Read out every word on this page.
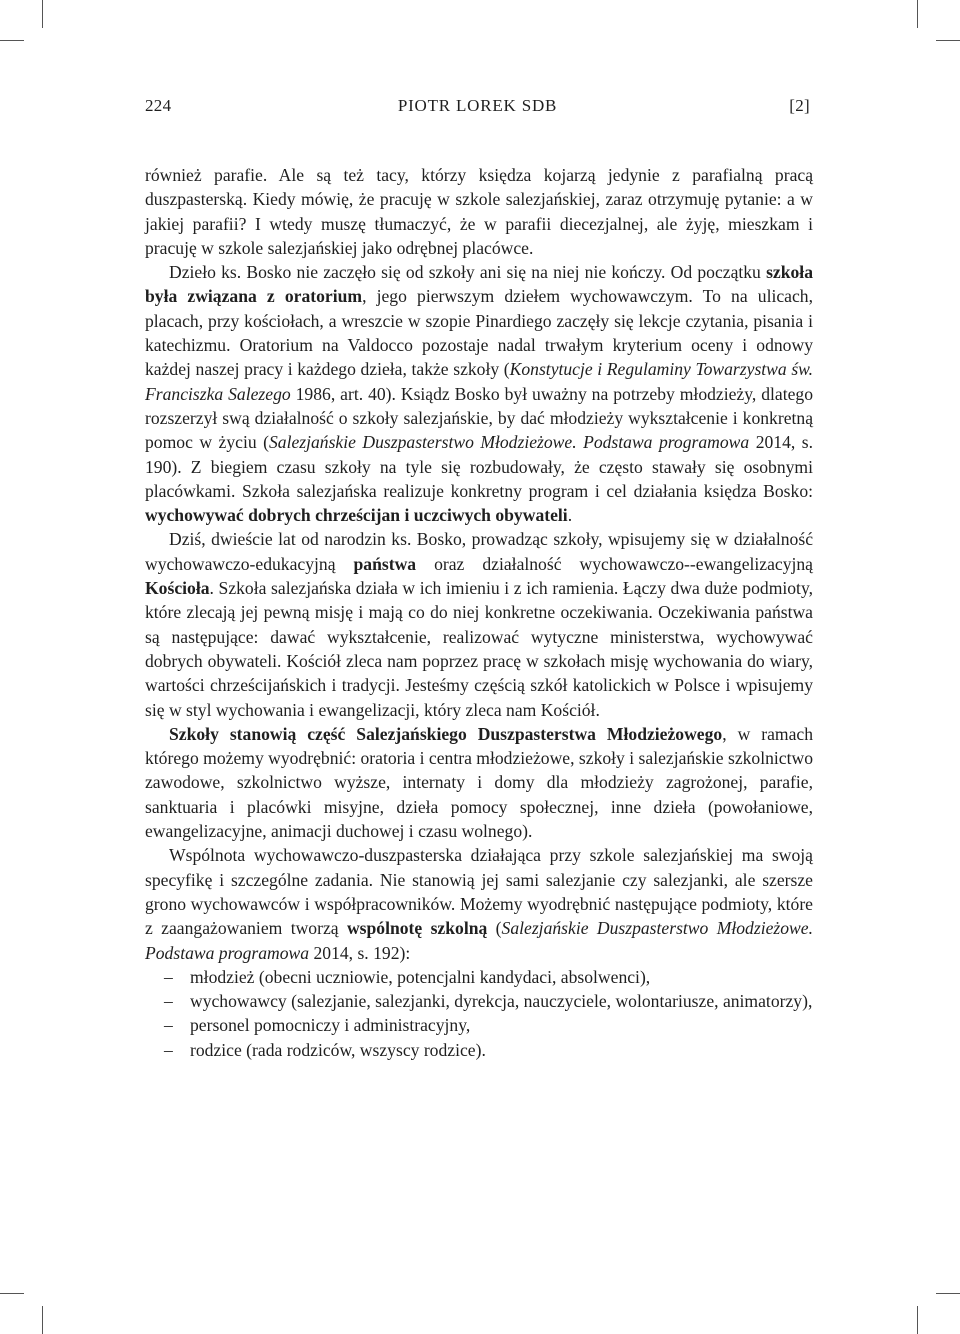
224	PIOTR LOREK SDB	[2]

również parafie. Ale są też tacy, którzy księdza kojarzą jedynie z parafialną pracą duszpasterską. Kiedy mówię, że pracuję w szkole salezjańskiej, zaraz otrzymuję pytanie: a w jakiej parafii? I wtedy muszę tłumaczyć, że w parafii diecezjalnej, ale żyję, mieszkam i pracuję w szkole salezjańskiej jako odrębnej placówce.

Dzieło ks. Bosko nie zaczęło się od szkoły ani się na niej nie kończy. Od początku szkoła była związana z oratorium, jego pierwszym dziełem wychowawczym. To na ulicach, placach, przy kościołach, a wreszcie w szopie Pinardiego zaczęły się lekcje czytania, pisania i katechizmu. Oratorium na Valdocco pozostaje nadal trwałym kryterium oceny i odnowy każdej naszej pracy i każdego dzieła, także szkoły (Konstytucje i Regulaminy Towarzystwa św. Franciszka Salezego 1986, art. 40). Ksiądz Bosko był uważny na potrzeby młodzieży, dlatego rozszerzył swą działalność o szkoły salezjańskie, by dać młodzieży wykształcenie i konkretną pomoc w życiu (Salezjańskie Duszpasterstwo Młodzieżowe. Podstawa programowa 2014, s. 190). Z biegiem czasu szkoły na tyle się rozbudowały, że często stawały się osobnymi placówkami. Szkoła salezjańska realizuje konkretny program i cel działania księdza Bosko: wychowywać dobrych chrześcijan i uczciwych obywateli.

Dziś, dwieście lat od narodzin ks. Bosko, prowadząc szkoły, wpisujemy się w działalność wychowawczo-edukacyjną państwa oraz działalność wychowawczo-​-ewangelizacyjną Kościoła. Szkoła salezjańska działa w ich imieniu i z ich ramienia. Łączy dwa duże podmioty, które zlecają jej pewną misję i mają co do niej konkretne oczekiwania. Oczekiwania państwa są następujące: dawać wykształcenie, realizować wytyczne ministerstwa, wychowywać dobrych obywateli. Kościół zleca nam poprzez pracę w szkołach misję wychowania do wiary, wartości chrześcijańskich i tradycji. Jesteśmy częścią szkół katolickich w Polsce i wpisujemy się w styl wychowania i ewangelizacji, który zleca nam Kościół.

Szkoły stanowią część Salezjańskiego Duszpasterstwa Młodzieżowego, w ramach którego możemy wyodrębnić: oratoria i centra młodzieżowe, szkoły i salezjańskie szkolnictwo zawodowe, szkolnictwo wyższe, internaty i domy dla młodzieży zagrożonej, parafie, sanktuaria i placówki misyjne, dzieła pomocy społecznej, inne dzieła (powołaniowe, ewangelizacyjne, animacji duchowej i czasu wolnego).

Wspólnota wychowawczo-duszpasterska działająca przy szkole salezjańskiej ma swoją specyfikę i szczególne zadania. Nie stanowią jej sami salezjanie czy salezjanki, ale szersze grono wychowawców i współpracowników. Możemy wyodrębnić następujące podmioty, które z zaangażowaniem tworzą wspólnotę szkolną (Salezjańskie Duszpasterstwo Młodzieżowe. Podstawa programowa 2014, s. 192):

– młodzież (obecni uczniowie, potencjalni kandydaci, absolwenci),
– wychowawcy (salezjanie, salezjanki, dyrekcja, nauczyciele, wolontariusze, animatorzy),
– personel pomocniczy i administracyjny,
– rodzice (rada rodziców, wszyscy rodzice).
